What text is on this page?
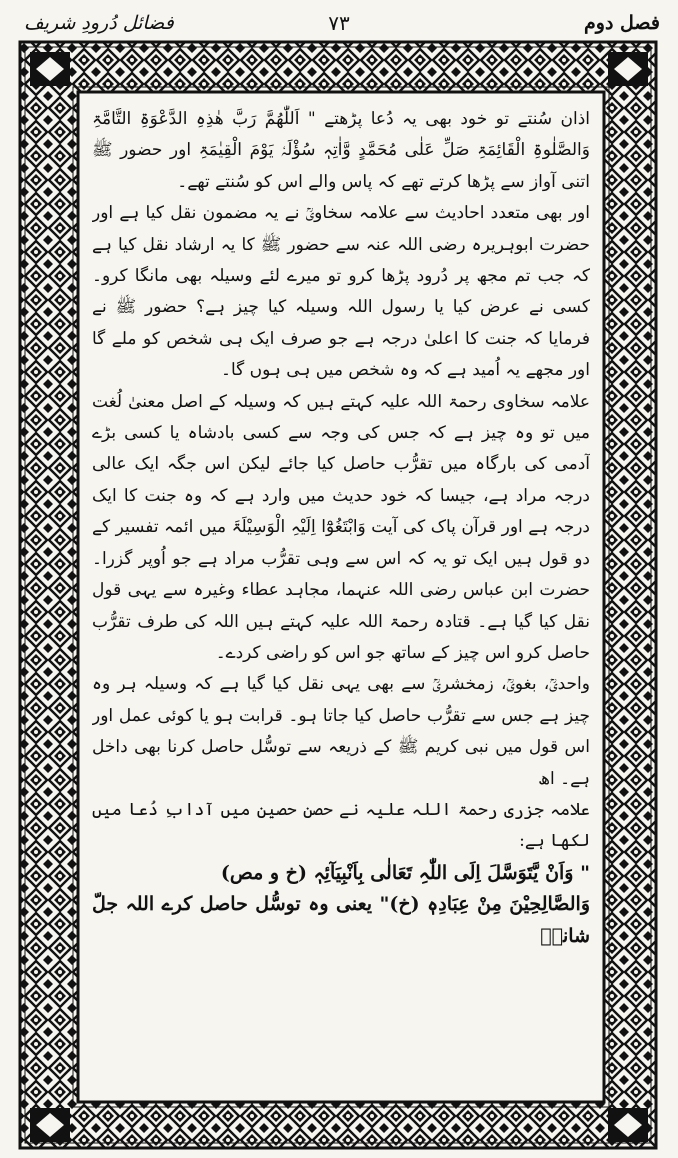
فصل دوم
۷۳
فضائل دُرودِ شریف

اذان سُنتے تو خود بھی یہ دُعا پڑھتے " اَللّٰھُمَّ رَبَّ ھٰذِہِ الدَّعْوَۃِ التَّامَّۃِ وَالصَّلٰوۃِ الْقَائِمَۃِ صَلِّ عَلٰی مُحَمَّدٍ وَّاٰتِہٖ سُؤْلَہٗ یَوْمَ الْقِیٰمَۃِ اور حضور ﷺ اتنی آواز سے پڑھا کرتے تھے کہ پاس والے اس کو سُنتے تھے۔

اور بھی متعدد احادیث سے علامہ سخاویؒ نے یہ مضمون نقل کیا ہے اور حضرت ابوہریرہ رضی اللہ عنہ سے حضور ﷺ کا یہ ارشاد نقل کیا ہے کہ جب تم مجھ پر دُرود پڑھا کرو تو میرے لئے وسیلہ بھی مانگا کرو۔ کسی نے عرض کیا یا رسول اللہ وسیلہ کیا چیز ہے؟ حضور ﷺ نے فرمایا کہ جنت کا اعلیٰ درجہ ہے جو صرف ایک ہی شخص کو ملے گا اور مجھے یہ اُمید ہے کہ وہ شخص میں ہی ہوں گا۔

علامہ سخاوی رحمۃ اللہ علیہ کہتے ہیں کہ وسیلہ کے اصل معنیٰ لُغت میں تو وہ چیز ہے کہ جس کی وجہ سے کسی بادشاہ یا کسی بڑے آدمی کی بارگاہ میں تقرُّب حاصل کیا جائے لیکن اس جگہ ایک عالی درجہ مراد ہے، جیسا کہ خود حدیث میں وارد ہے کہ وہ جنت کا ایک درجہ ہے اور قرآن پاک کی آیت وَابْتَغُوْٓا اِلَیْہِ الْوَسِیْلَۃَ میں ائمہ تفسیر کے دو قول ہیں ایک تو یہ کہ اس سے وہی تقرُّب مراد ہے جو اُوپر گزرا۔ حضرت ابن عباس رضی اللہ عنہما، مجاہد عطاء وغیرہ سے یہی قول نقل کیا گیا ہے۔ قتادہ رحمۃ اللہ علیہ کہتے ہیں اللہ کی طرف تقرُّب حاصل کرو اس چیز کے ساتھ جو اس کو راضی کردے۔

واحدیؒ، بغویؒ، زمخشریؒ سے بھی یہی نقل کیا گیا ہے کہ وسیلہ ہر وہ چیز ہے جس سے تقرُّب حاصل کیا جاتا ہو۔ قرابت ہو یا کوئی عمل اور اس قول میں نبی کریم ﷺ کے ذریعہ سے توسُّل حاصل کرنا بھی داخل ہے۔ اھ

علامہ جزری رحمۃ اللہ علیہ نے حصن حصین میں آدابِ دُعا میں لکھا ہے:

" وَاَنْ یَّتَوَسَّلَ اِلَی اللّٰہِ تَعَالٰی بِاَنْبِیَآئِہٖ (خ و مص)

وَالصَّالِحِیْنَ مِنْ عِبَادِہٖ (خ)" یعنی وہ توسُّل حاصل کرے اللہ جلّ شانہٗ
